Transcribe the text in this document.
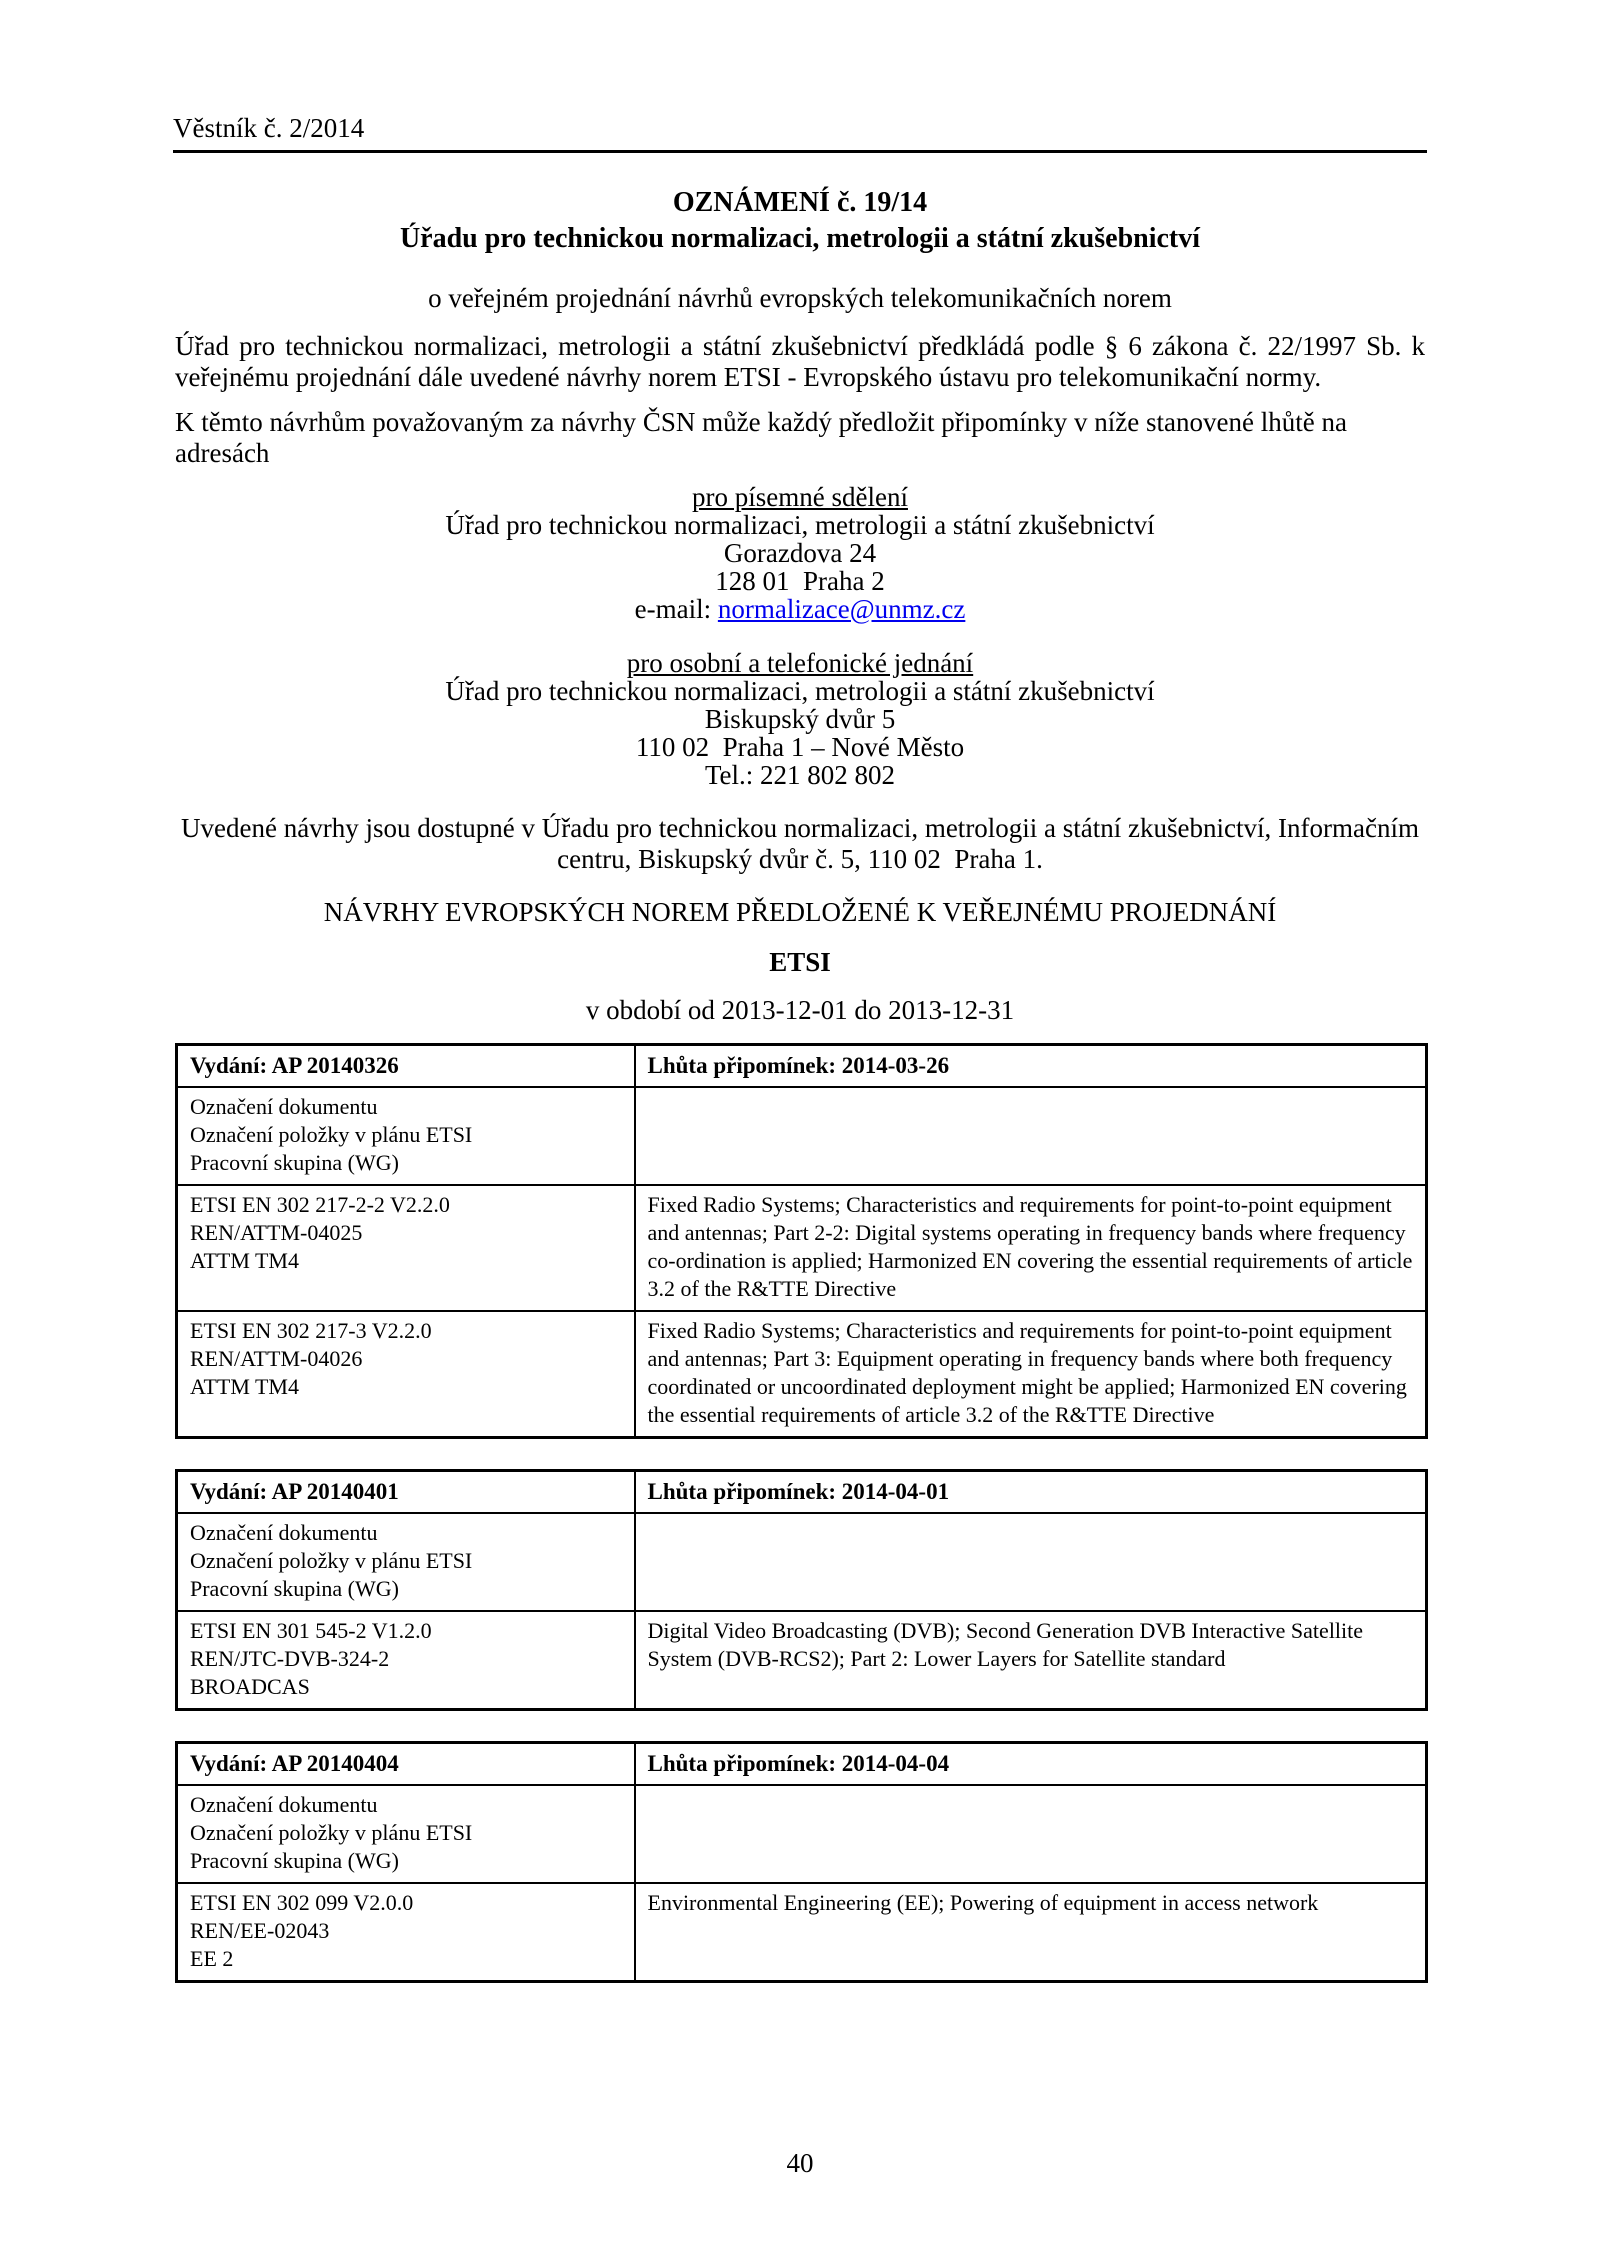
Věstník č. 2/2014
OZNÁMENÍ č. 19/14
Úřadu pro technickou normalizaci, metrologii a státní zkušebnictví
o veřejném projednání návrhů evropských telekomunikačních norem

Úřad pro technickou normalizaci, metrologii a státní zkušebnictví předkládá podle § 6 zákona č. 22/1997 Sb. k veřejnému projednání dále uvedené návrhy norem ETSI - Evropského ústavu pro telekomunikační normy.

K těmto návrhům považovaným za návrhy ČSN může každý předložit připomínky v níže stanovené lhůtě na adresách

pro písemné sdělení
Úřad pro technickou normalizaci, metrologii a státní zkušebnictví
Gorazdova 24
128 01  Praha 2
e-mail: normalizace@unmz.cz
pro osobní a telefonické jednání
Úřad pro technickou normalizaci, metrologii a státní zkušebnictví
Biskupský dvůr 5
110 02  Praha 1 – Nové Město
Tel.: 221 802 802

Uvedené návrhy jsou dostupné v Úřadu pro technickou normalizaci, metrologii a státní zkušebnictví, Informačním centru, Biskupský dvůr č. 5, 110 02  Praha 1.

NÁVRHY EVROPSKÝCH NOREM PŘEDLOŽENÉ K VEŘEJNÉMU PROJEDNÁNÍ
ETSI
v období od 2013-12-01 do 2013-12-31
Vydání: AP 20140326	Lhůta připomínek: 2014-03-26

Označení dokumentu
Označení položky v plánu ETSI
Pracovní skupina (WG)	

ETSI EN 302 217-2-2 V2.2.0
REN/ATTM-04025
ATTM TM4
	Fixed Radio Systems; Characteristics and requirements for point-to-point equipment and antennas; Part 2-2: Digital systems operating in frequency bands where frequency co-ordination is applied; Harmonized EN covering the essential requirements of article 3.2 of the R&TTE Directive

ETSI EN 302 217-3 V2.2.0
REN/ATTM-04026
ATTM TM4
	Fixed Radio Systems; Characteristics and requirements for point-to-point equipment and antennas; Part 3: Equipment operating in frequency bands where both frequency coordinated or uncoordinated deployment might be applied; Harmonized EN covering the essential requirements of article 3.2 of the R&TTE Directive
Vydání: AP 20140401	Lhůta připomínek: 2014-04-01

Označení dokumentu
Označení položky v plánu ETSI
Pracovní skupina (WG)	

ETSI EN 301 545-2 V1.2.0
REN/JTC-DVB-324-2
BROADCAS	Digital Video Broadcasting (DVB); Second Generation DVB Interactive Satellite System (DVB-RCS2); Part 2: Lower Layers for Satellite standard
Vydání: AP 20140404	Lhůta připomínek: 2014-04-04

Označení dokumentu
Označení položky v plánu ETSI
Pracovní skupina (WG)	

ETSI EN 302 099 V2.0.0
REN/EE-02043
EE 2	Environmental Engineering (EE); Powering of equipment in access network
40
